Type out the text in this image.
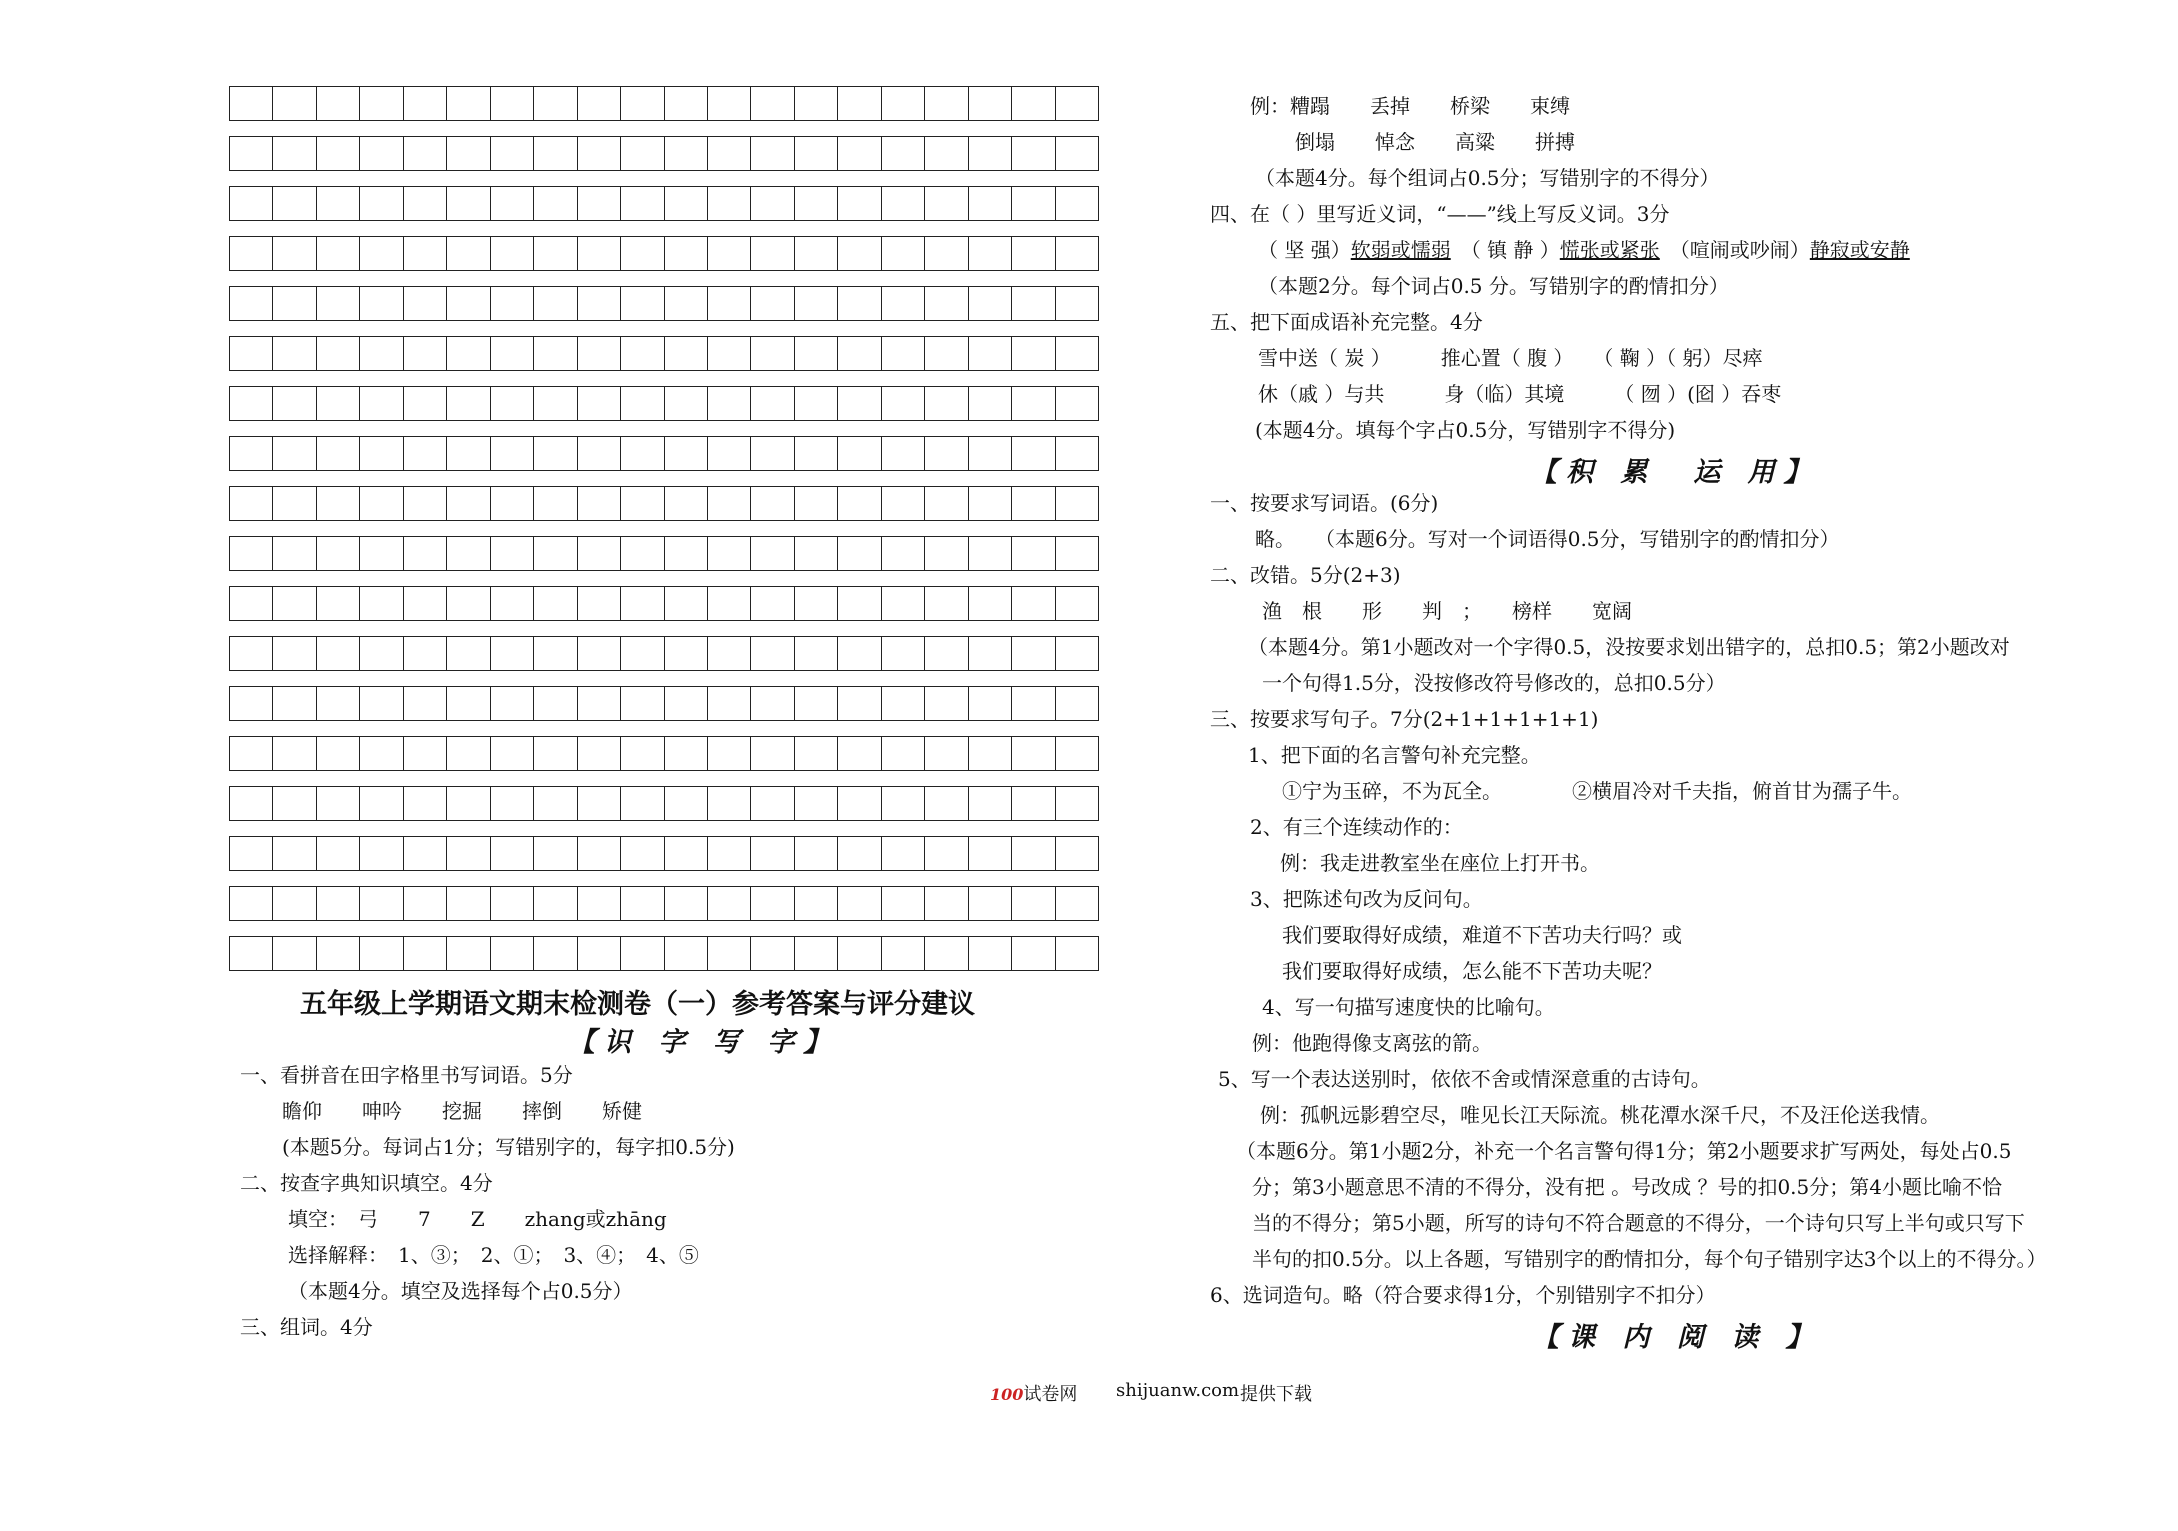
五年级上学期语文期末检测卷（一）参考答案与评分建议
【识 字 写 字】
一、看拼音在田字格里书写词语。5分
瞻仰　　呻吟　　挖掘　　摔倒　　矫健
(本题5分。每词占1分；写错别字的，每字扣0.5分)
二、按查字典知识填空。4分
填空：　弓　　7　　Z　　zhang或zhāng
选择解释：　1、③；　2、①；　3、④；　4、⑤
（本题4分。填空及选择每个占0.5分）
三、组词。4分
例：糟蹋　　丢掉　　桥梁　　束缚
倒塌　　悼念　　高粱　　拼搏
（本题4分。每个组词占0.5分；写错别字的不得分）
四、在（ ）里写近义词，“——”线上写反义词。3分
（ 坚 强）软弱或懦弱　 （ 镇 静 ）慌张或紧张　 （喧闹或吵闹）静寂或安静
（本题2分。每个词占0.5 分。写错别字的酌情扣分）
五、把下面成语补充完整。4分
雪中送（ 炭 ）　　　推心置（ 腹 ）　　（ 鞠 ）（ 躬）尽瘁
休（戚 ）与共　　　身（临）其境　　　（ 囫 ）(囵 ）吞枣
(本题4分。填每个字占0.5分，写错别字不得分)
【积 累  运 用】
一、按要求写词语。(6分)
略。　　（本题6分。写对一个词语得0.5分，写错别字的酌情扣分）
二、改错。5分(2+3)
渔　根　　形　　判　；　　榜样　　宽阔
（本题4分。第1小题改对一个字得0.5，没按要求划出错字的，总扣0.5；第2小题改对
一个句得1.5分，没按修改符号修改的，总扣0.5分）
三、按要求写句子。7分(2+1+1+1+1+1)
1、把下面的名言警句补充完整。
①宁为玉碎，不为瓦全。　　　　②横眉冷对千夫指，俯首甘为孺子牛。
2、有三个连续动作的：
例：我走进教室坐在座位上打开书。
3、把陈述句改为反问句。
我们要取得好成绩，难道不下苦功夫行吗？或
我们要取得好成绩，怎么能不下苦功夫呢？
4、写一句描写速度快的比喻句。
例：他跑得像支离弦的箭。
5、写一个表达送别时，依依不舍或情深意重的古诗句。
例：孤帆远影碧空尽，唯见长江天际流。桃花潭水深千尺，不及汪伦送我情。
（本题6分。第1小题2分，补充一个名言警句得1分；第2小题要求扩写两处，每处占0.5
分；第3小题意思不清的不得分，没有把 。号改成 ？号的扣0.5分；第4小题比喻不恰
当的不得分；第5小题，所写的诗句不符合题意的不得分，一个诗句只写上半句或只写下
半句的扣0.5分。以上各题，写错别字的酌情扣分，每个句子错别字达3个以上的不得分。）
6、选词造句。略（符合要求得1分，个别错别字不扣分）
【课 内 阅 读 】
100试卷网 shijuanw.com 提供下载
